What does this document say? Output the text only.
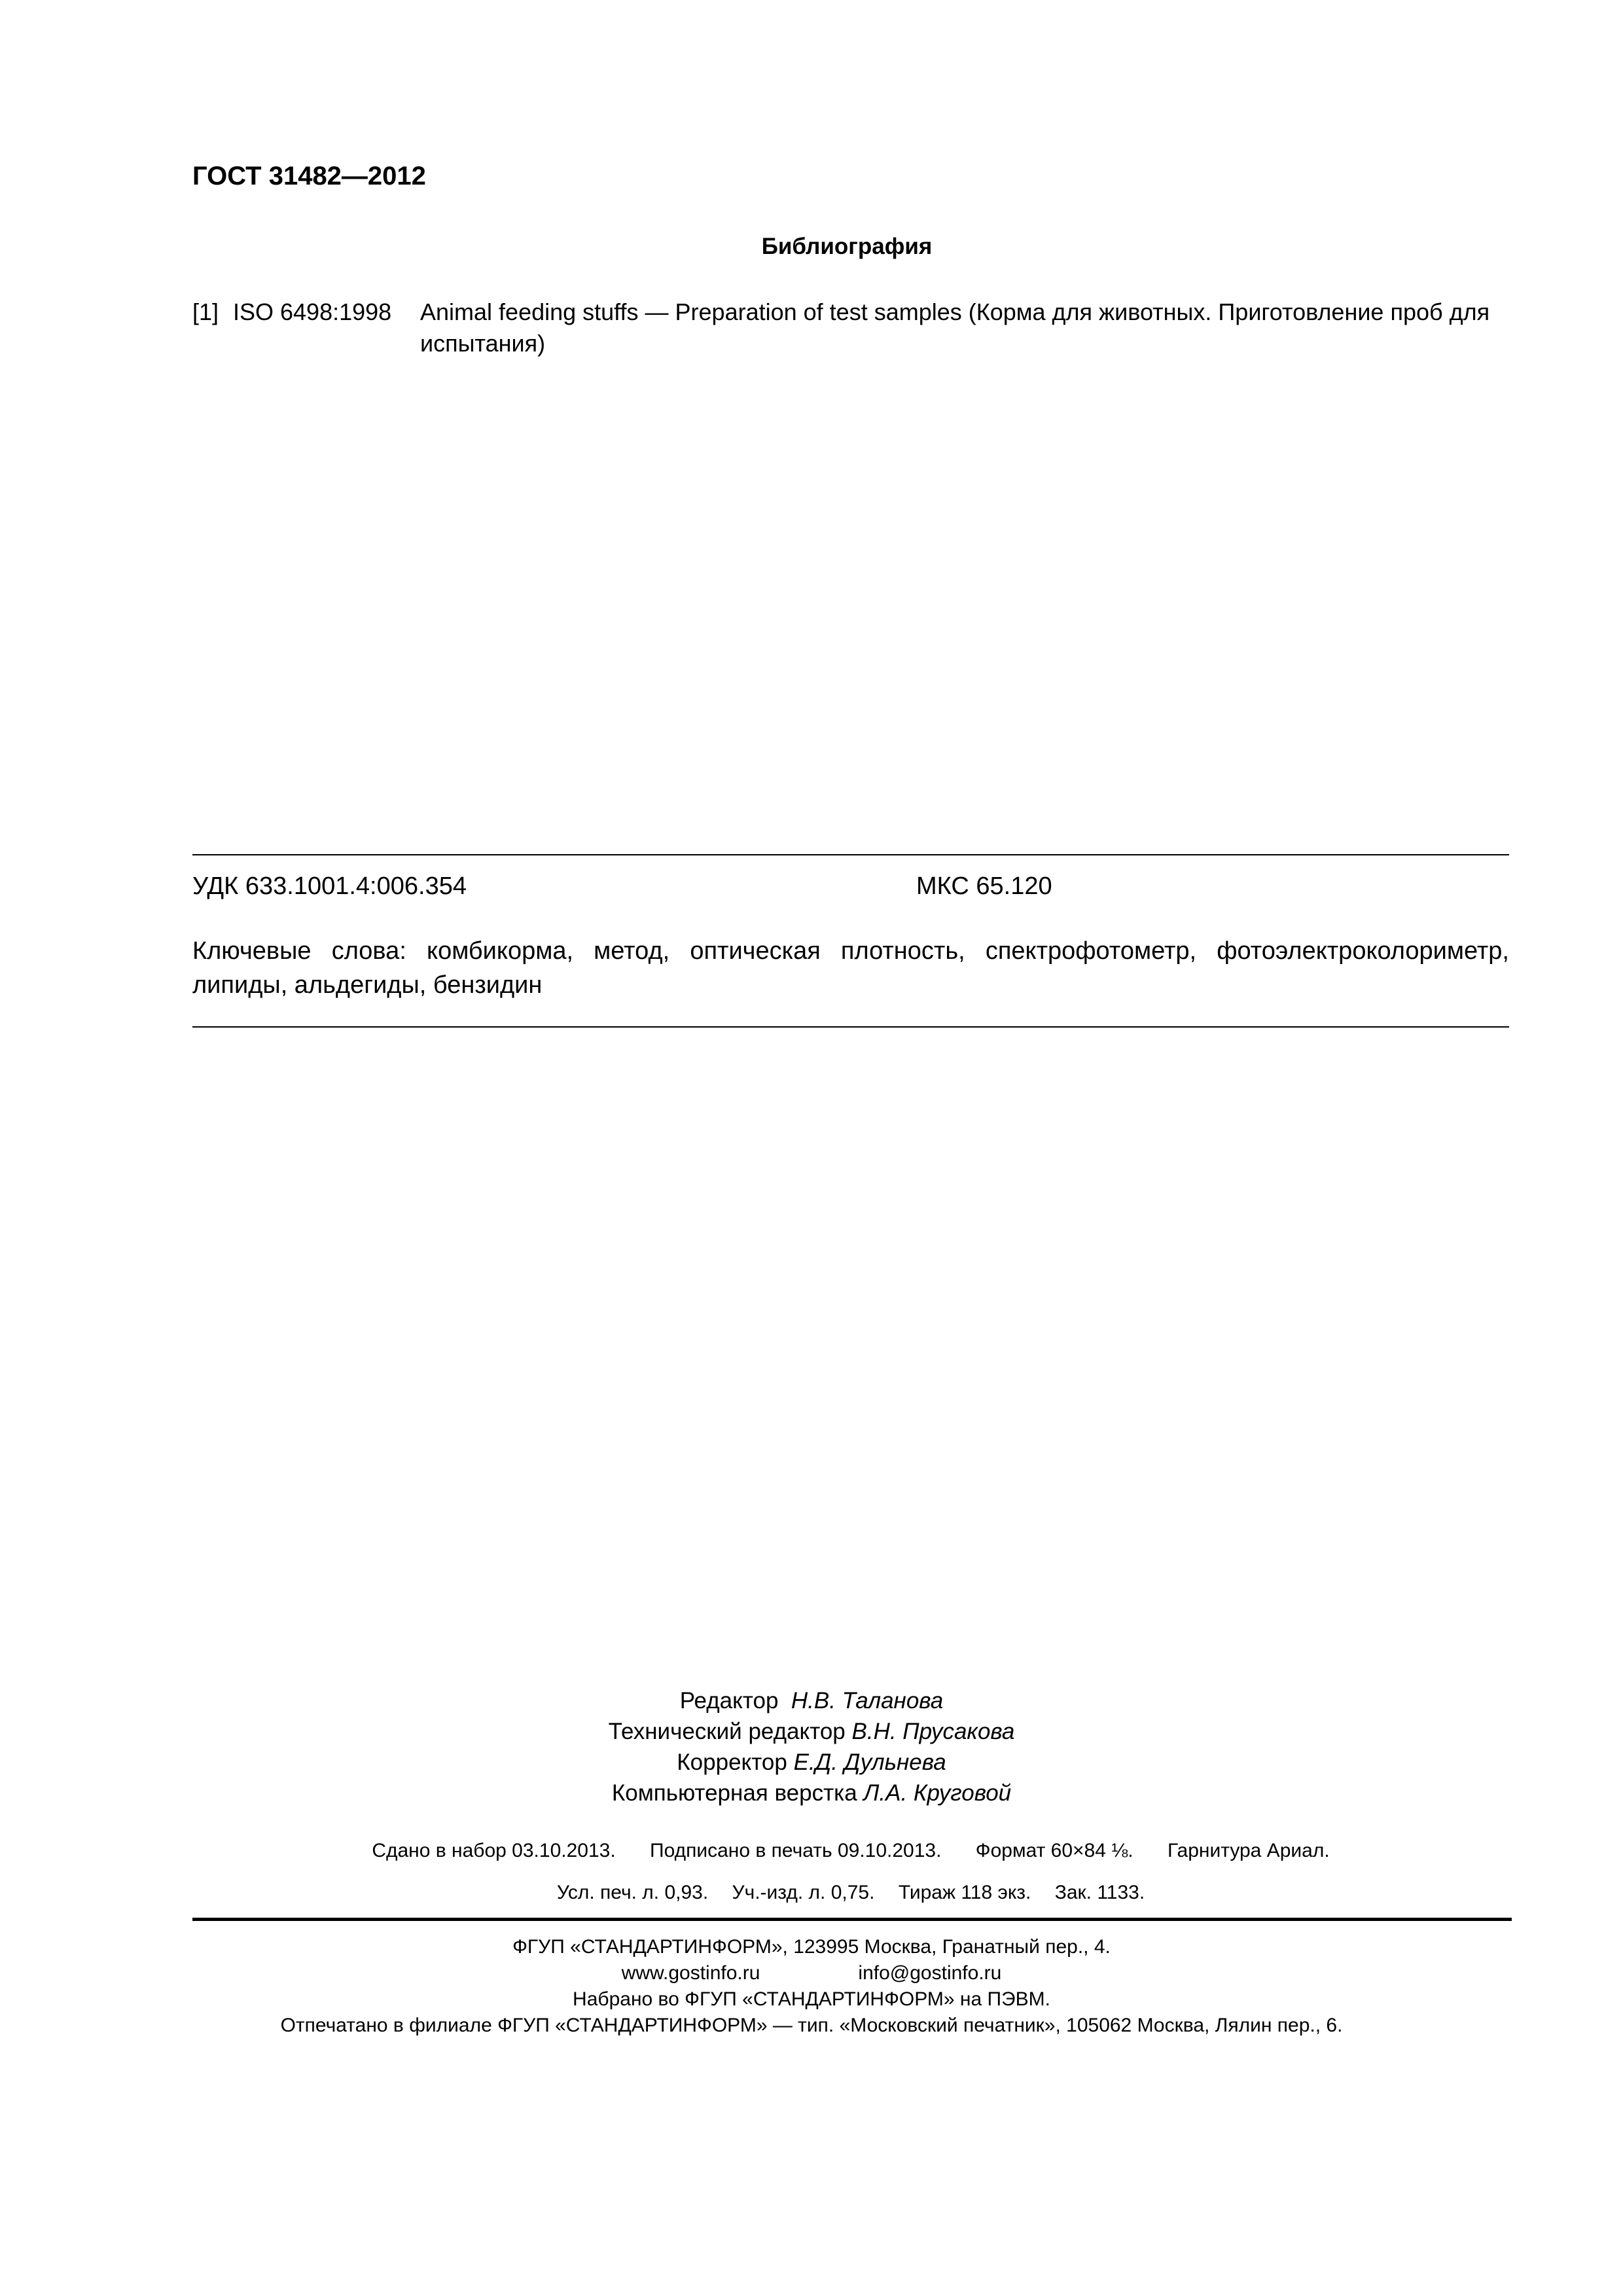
ГОСТ 31482—2012
Библиография
[1] ISO 6498:1998 Animal feeding stuffs — Preparation of test samples (Корма для животных. Приготовление проб для испытания)
УДК 633.1001.4:006.354	МКС 65.120
Ключевые слова: комбикорма, метод, оптическая плотность, спектрофотометр, фотоэлектроколориметр, липиды, альдегиды, бензидин
Редактор Н.В. Таланова
Технический редактор В.Н. Прусакова
Корректор Е.Д. Дульнева
Компьютерная верстка Л.А. Круговой
Сдано в набор 03.10.2013. Подписано в печать 09.10.2013. Формат 60×84 ⅛. Гарнитура Ариал.
Усл. печ. л. 0,93. Уч.-изд. л. 0,75. Тираж 118 экз. Зак. 1133.
ФГУП «СТАНДАРТИНФОРМ», 123995 Москва, Гранатный пер., 4.
www.gostinfo.ru	info@gostinfo.ru
Набрано во ФГУП «СТАНДАРТИНФОРМ» на ПЭВМ.
Отпечатано в филиале ФГУП «СТАНДАРТИНФОРМ» — тип. «Московский печатник», 105062 Москва, Лялин пер., 6.
